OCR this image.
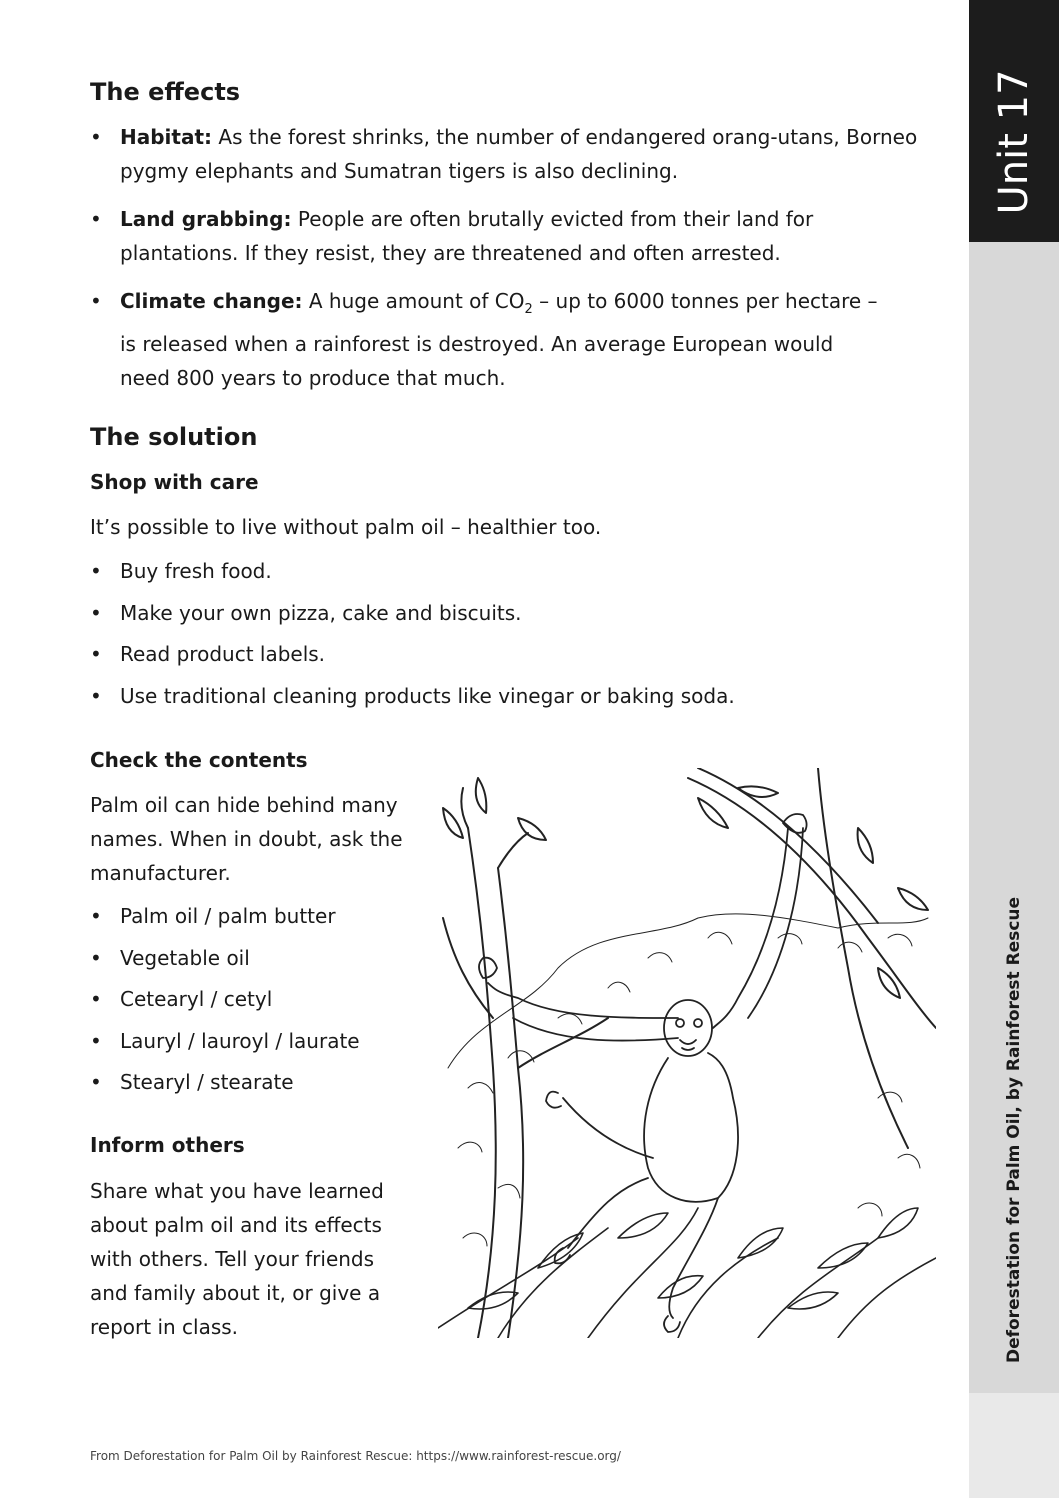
Unit 17
Deforestation for Palm Oil, by Rainforest Rescue
The effects
• Habitat: As the forest shrinks, the number of endangered orang-utans, Borneo pygmy elephants and Sumatran tigers is also declining.
• Land grabbing: People are often brutally evicted from their land for plantations. If they resist, they are threatened and often arrested.
• Climate change: A huge amount of $CO_2$ – up to 6000 tonnes per hectare – is released when a rainforest is destroyed. An average European would need 800 years to produce that much.
The solution
Shop with care

It’s possible to live without palm oil – healthier too.

• Buy fresh food.
• Make your own pizza, cake and biscuits.
• Read product labels.
• Use traditional cleaning products like vinegar or baking soda.
Check the contents

Palm oil can hide behind many names. When in doubt, ask the manufacturer.

• Palm oil / palm butter
• Vegetable oil
• Cetearyl / cetyl
• Lauryl / lauroyl / laurate
• Stearyl / stearate
Inform others

Share what you have learned about palm oil and its effects with others. Tell your friends and family about it, or give a report in class.

From Deforestation for Palm Oil by Rainforest Rescue: https://www.rainforest-rescue.org/
